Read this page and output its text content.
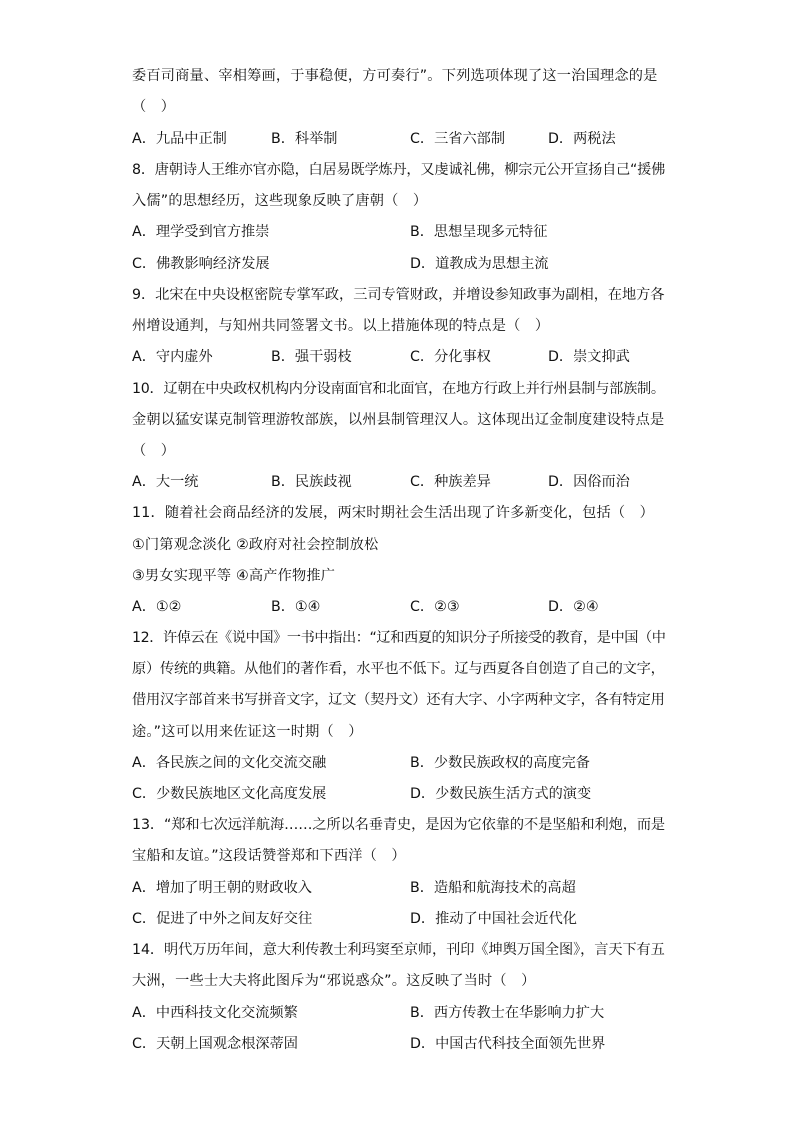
委百司商量、宰相筹画，于事稳便，方可奏行”。下列选项体现了这一治国理念的是
（　）
A．九品中正制	B．科举制	C．三省六部制	D．两税法
8．唐朝诗人王维亦官亦隐，白居易既学炼丹，又虔诚礼佛，柳宗元公开宣扬自己“援佛
入儒”的思想经历，这些现象反映了唐朝（　）
A．理学受到官方推崇	B．思想呈现多元特征
C．佛教影响经济发展	D．道教成为思想主流
9．北宋在中央设枢密院专掌军政，三司专管财政，并增设参知政事为副相，在地方各
州增设通判，与知州共同签署文书。以上措施体现的特点是（　）
A．守内虚外	B．强干弱枝	C．分化事权	D．崇文抑武
10．辽朝在中央政权机构内分设南面官和北面官，在地方行政上并行州县制与部族制。
金朝以猛安谋克制管理游牧部族，以州县制管理汉人。这体现出辽金制度建设特点是
（　）
A．大一统	B．民族歧视	C．种族差异	D．因俗而治
11．随着社会商品经济的发展，两宋时期社会生活出现了许多新变化，包括（　）
①门第观念淡化 ②政府对社会控制放松
③男女实现平等 ④高产作物推广
A．①②	B．①④	C．②③	D．②④
12．许倬云在《说中国》一书中指出：“辽和西夏的知识分子所接受的教育，是中国（中
原）传统的典籍。从他们的著作看，水平也不低下。辽与西夏各自创造了自己的文字，
借用汉字部首来书写拼音文字，辽文（契丹文）还有大字、小字两种文字，各有特定用
途。”这可以用来佐证这一时期（　）
A．各民族之间的文化交流交融	B．少数民族政权的高度完备
C．少数民族地区文化高度发展	D．少数民族生活方式的演变
13．“郑和七次远洋航海……之所以名垂青史，是因为它依靠的不是坚船和利炮，而是
宝船和友谊。”这段话赞誉郑和下西洋（　）
A．增加了明王朝的财政收入	B．造船和航海技术的高超
C．促进了中外之间友好交往	D．推动了中国社会近代化
14．明代万历年间，意大利传教士利玛窦至京师，刊印《坤舆万国全图》，言天下有五
大洲，一些士大夫将此图斥为“邪说惑众”。这反映了当时（　）
A．中西科技文化交流频繁	B．西方传教士在华影响力扩大
C．天朝上国观念根深蒂固	D．中国古代科技全面领先世界
